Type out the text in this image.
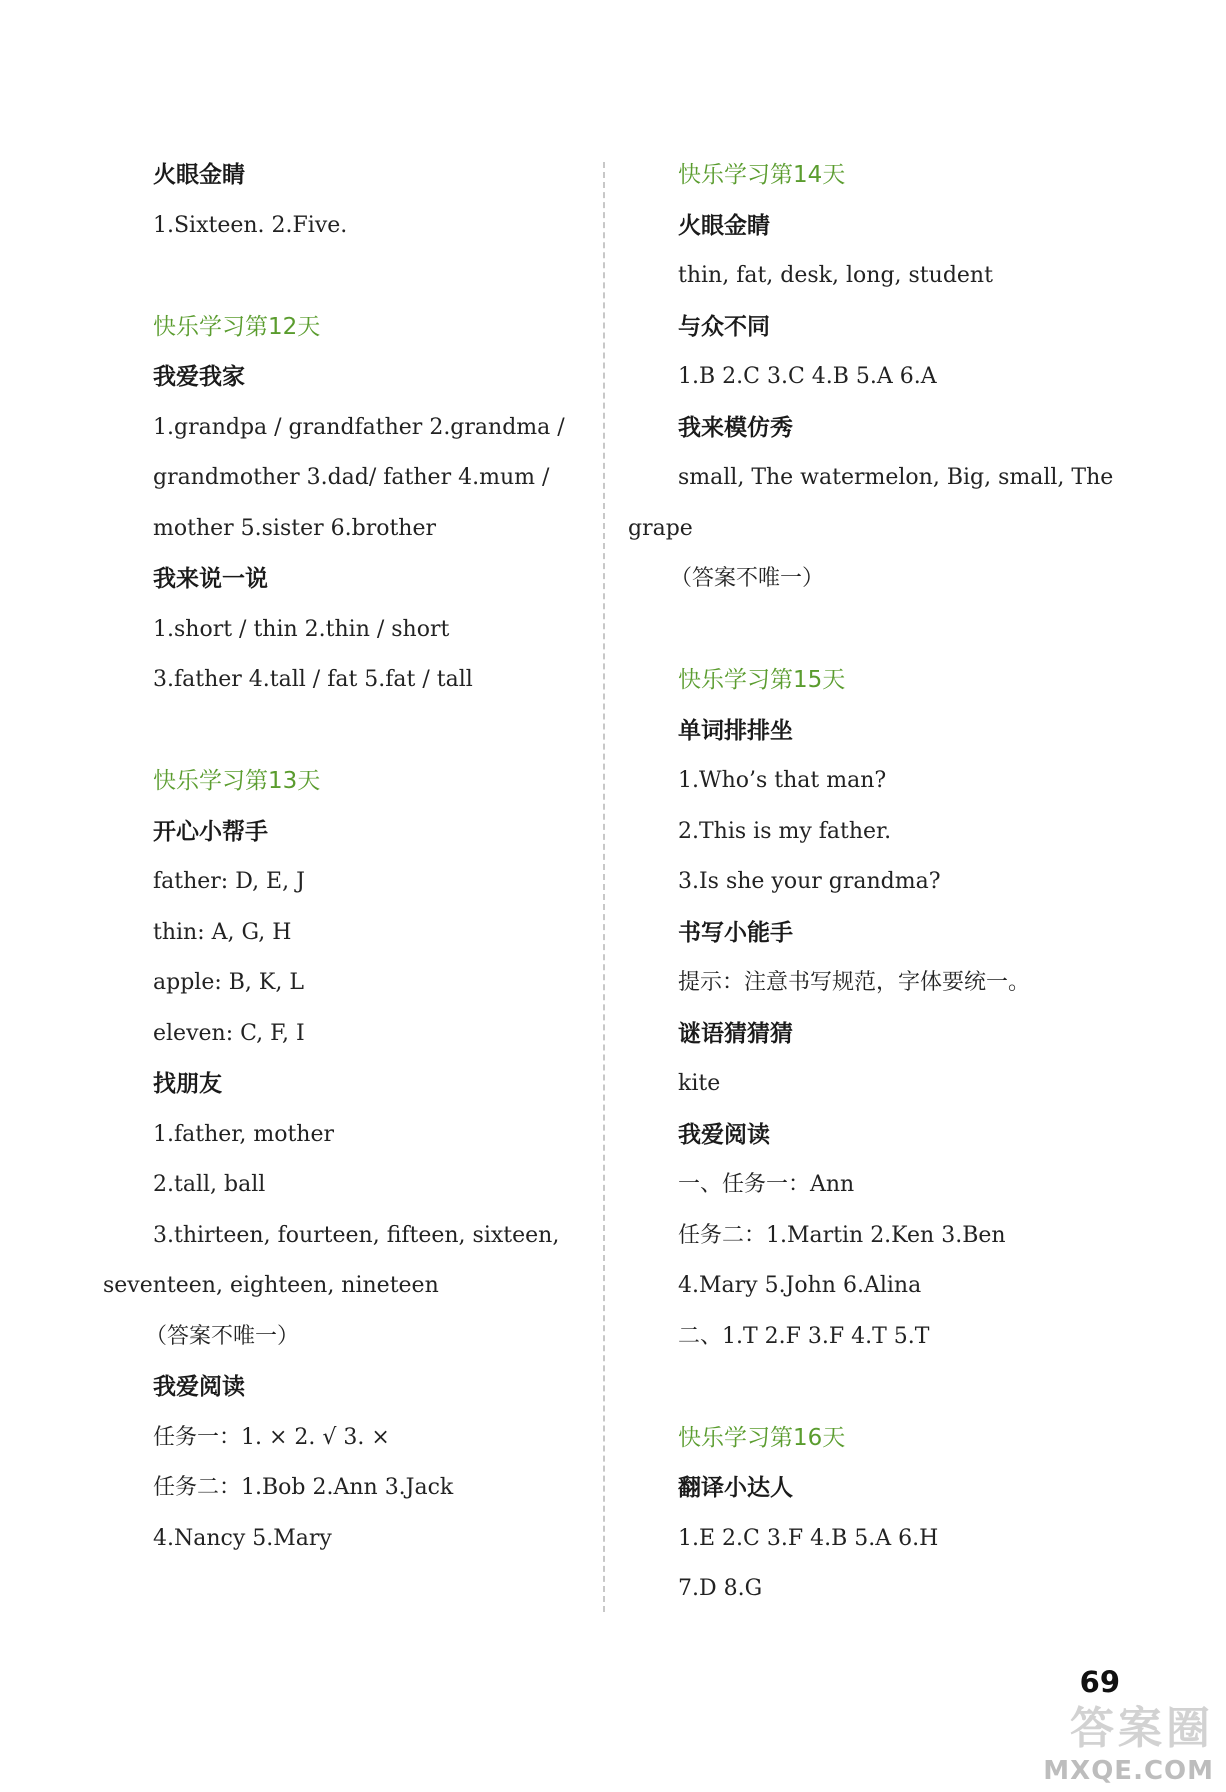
火眼金睛
1.Sixteen. 2.Five.
快乐学习第12天
我爱我家
1.grandpa / grandfather 2.grandma /
grandmother 3.dad/ father 4.mum /
mother 5.sister 6.brother
我来说一说
1.short / thin 2.thin / short
3.father 4.tall / fat 5.fat / tall
快乐学习第13天
开心小帮手
father: D, E, J
thin: A, G, H
apple: B, K, L
eleven: C, F, I
找朋友
1.father, mother
2.tall, ball
3.thirteen, fourteen, fifteen, sixteen,
seventeen, eighteen, nineteen
（答案不唯一）
我爱阅读
任务一：1. × 2. √ 3. ×
任务二：1.Bob 2.Ann 3.Jack
4.Nancy 5.Mary
快乐学习第14天
火眼金睛
thin, fat, desk, long, student
与众不同
1.B 2.C 3.C 4.B 5.A 6.A
我来模仿秀
small, The watermelon, Big, small, The
grape
（答案不唯一）
快乐学习第15天
单词排排坐
1.Who’s that man?
2.This is my father.
3.Is she your grandma?
书写小能手
提示：注意书写规范，字体要统一。
谜语猜猜猜
kite
我爱阅读
一、任务一：Ann
任务二：1.Martin 2.Ken 3.Ben
4.Mary 5.John 6.Alina
二、1.T 2.F 3.F 4.T 5.T
快乐学习第16天
翻译小达人
1.E 2.C 3.F 4.B 5.A 6.H
7.D 8.G
69
答案圈
MXQE.COM
